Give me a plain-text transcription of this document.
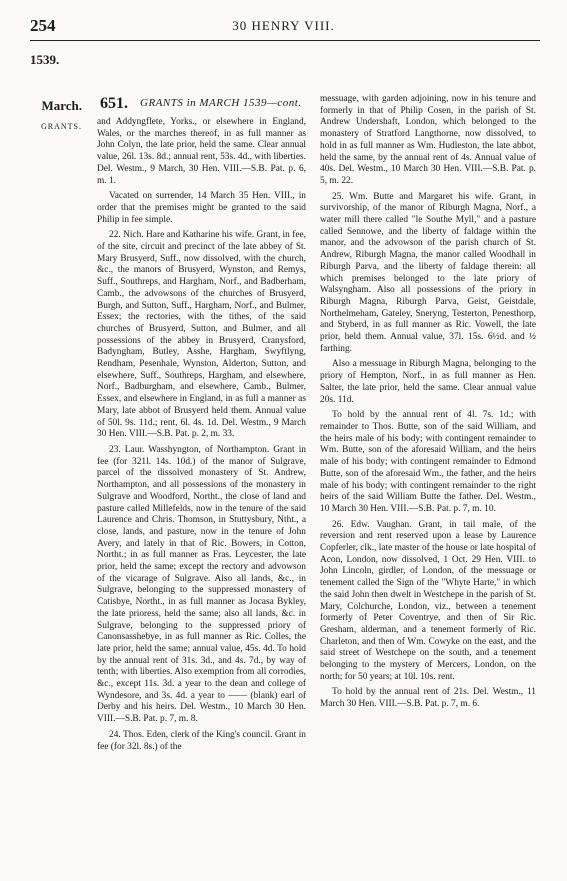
254	30 HENRY VIII.
1539.
March.
GRANTS.
651. GRANTS in MARCH 1539—cont.

and Addyngflete, Yorks., or elsewhere in England, Wales, or the marches thereof, in as full manner as John Colyn, the late prior, held the same. Clear annual value, 26l. 13s. 8d.; annual rent, 53s. 4d., with liberties. Del. Westm., 9 March, 30 Hen. VIII.—S.B. Pat. p. 6, m. 1.

Vacated on surrender, 14 March 35 Hen. VIII., in order that the premises might be granted to the said Philip in fee simple.

22. Nich. Hare and Katharine his wife. Grant, in fee, of the site, circuit and precinct of the late abbey of St. Mary Brusyerd, Suff., now dissolved, with the church, &c., the manors of Brusyerd, Wynston, and Remys, Suff., Southreps, and Hargham, Norf., and Badberham, Camb., the advowsons of the churches of Brusyerd, Burgh, and Sutton, Suff., Hargham, Norf., and Bulmer, Essex; the rectories, with the tithes, of the said churches of Brusyerd, Sutton, and Bulmer, and all possessions of the abbey in Brusyerd, Cranysford, Badyngham, Butley, Asshe, Hargham, Swyftlyng, Rendham, Pesenhale, Wynston, Alderton, Sutton, and elsewhere, Suff., Southreps, Hargham, and elsewhere, Norf., Badburgham, and elsewhere, Camb., Bulmer, Essex, and elsewhere in England, in as full a manner as Mary, late abbot of Brusyerd held them. Annual value of 50l. 9s. 11d.; rent, 6l. 4s. 1d. Del. Westm., 9 March 30 Hen. VIII.—S.B. Pat. p. 2, m. 33.

23. Laur. Wasshyngton, of Northampton. Grant in fee (for 321l. 14s. 10d.) of the manor of Sulgrave, parcel of the dissolved monastery of St. Andrew, Northampton, and all possessions of the monastery in Sulgrave and Woodford, Northt., the close of land and pasture called Millefelds, now in the tenure of the said Laurence and Chris. Thomson, in Stuttysbury, Ntht., a close, lands, and pasture, now in the tenure of John Avery, and lately in that of Ric. Bowers, in Cotton, Northt.; in as full manner as Fras. Leycester, the late prior, held the same; except the rectory and advowson of the vicarage of Sulgrave. Also all lands, &c., in Sulgrave, belonging to the suppressed monastery of Catisbye, Northt., in as full manner as Jocasa Bykley, the late prioress, held the same; also all lands, &c. in Sulgrave, belonging to the suppressed priory of Canonsasshebye, in as full manner as Ric. Colles, the late prior, held the same; annual value, 45s. 4d. To hold by the annual rent of 31s. 3d., and 4s. 7d., by way of tenth; with liberties. Also exemption from all corrodies, &c., except 11s. 3d. a year to the dean and college of Wyndesore, and 3s. 4d. a year to —— (blank) earl of Derby and his heirs. Del. Westm., 10 March 30 Hen. VIII.—S.B. Pat. p. 7, m. 8.

24. Thos. Eden, clerk of the King's council. Grant in fee (for 32l. 8s.) of the

messuage, with garden adjoining, now in his tenure and formerly in that of Philip Cosen, in the parish of St. Andrew Undershaft, London, which belonged to the monastery of Stratford Langthorne, now dissolved, to hold in as full manner as Wm. Hudleston, the late abbot, held the same, by the annual rent of 4s. Annual value of 40s. Del. Westm., 10 March 30 Hen. VIII.—S.B. Pat. p. 5, m. 22.

25. Wm. Butte and Margaret his wife. Grant, in survivorship, of the manor of Riburgh Magna, Norf., a water mill there called "le Southe Myll," and a pasture called Sennowe, and the liberty of faldage within the manor, and the advowson of the parish church of St. Andrew, Riburgh Magna, the manor called Woodhall in Riburgh Parva, and the liberty of faldage therein: all which premises belonged to the late priory of Walsyngham. Also all possessions of the priory in Riburgh Magna, Riburgh Parva, Geist, Geistdale, Northelmeham, Gateley, Sneryng, Testerton, Penesthorp, and Styberd, in as full manner as Ric. Vowell, the late prior, held them. Annual value, 37l. 15s. 6½d. and ½ farthing.

Also a messuage in Riburgh Magna, belonging to the priory of Hempton, Norf., in as full manner as Hen. Salter, the late prior, held the same. Clear annual value 20s. 11d.

To hold by the annual rent of 4l. 7s. 1d.; with remainder to Thos. Butte, son of the said William, and the heirs male of his body; with contingent remainder to Wm. Butte, son of the aforesaid William, and the heirs male of his body; with contingent remainder to Edmond Butte, son of the aforesaid Wm., the father, and the heirs male of his body; with contingent remainder to the right heirs of the said William Butte the father. Del. Westm., 10 March 30 Hen. VIII.—S.B. Pat. p. 7, m. 10.

26. Edw. Vaughan. Grant, in tail male, of the reversion and rent reserved upon a lease by Laurence Copferler, clk., late master of the house or late hospital of Acon, London, now dissolved, 1 Oct. 29 Hen. VIII. to John Lincoln, girdler, of London, of the messuage or tenement called the Sign of the "Whyte Harte," in which the said John then dwelt in Westchepe in the parish of St. Mary, Colchurche, London, viz., between a tenement formerly of Peter Coventrye, and then of Sir Ric. Gresham, alderman, and a tenement formerly of Ric. Charleton, and then of Wm. Cowyke on the east, and the said street of Westchepe on the south, and a tenement belonging to the mystery of Mercers, London, on the north; for 50 years; at 10l. 10s. rent.

To hold by the annual rent of 21s. Del. Westm., 11 March 30 Hen. VIII.—S.B. Pat. p. 7, m. 6.
